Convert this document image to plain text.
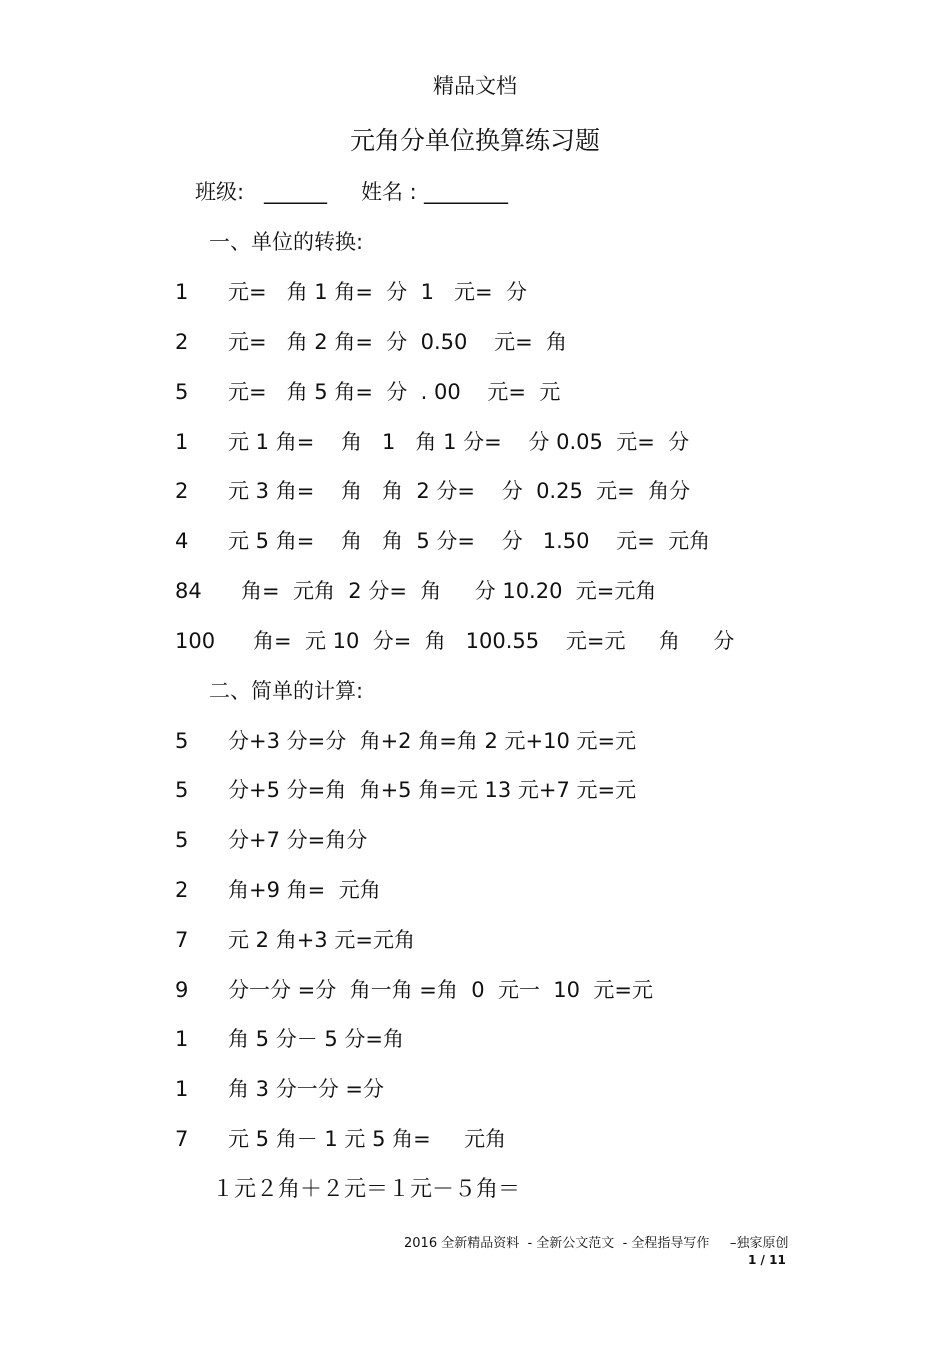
精品文档
元角分单位换算练习题
班级: ______ 姓名 : ________
一、单位的转换:
1 元=   角 1 角=  分  1   元=  分
2 元=   角 2 角=  分  0.50    元=  角
5 元=   角 5 角=  分  . 00    元=  元
1 元 1 角=    角   1   角 1 分=    分 0.05  元=  分
2 元 3 角=    角   角  2 分=    分  0.25  元=  角分
4 元 5 角=    角   角  5 分=    分   1.50    元=  元角
84 角=  元角  2 分=  角     分 10.20  元=元角
100 角=  元 10  分=  角   100.55    元=元     角     分
二、简单的计算:
5 分+3 分=分  角+2 角=角 2 元+10 元=元
5 分+5 分=角  角+5 角=元 13 元+7 元=元
5 分+7 分=角分
2 角+9 角=  元角
7 元 2 角+3 元=元角
9 分一分 =分  角一角 =角  0  元一  10  元=元
1 角 5 分－ 5 分=角
1 角 3 分一分 =分
7 元 5 角－ 1 元 5 角=     元角
１元２角＋２元＝１元－５角＝
2016 全新精品资料  - 全新公文范文  - 全程指导写作     –独家原创
1 / 11
